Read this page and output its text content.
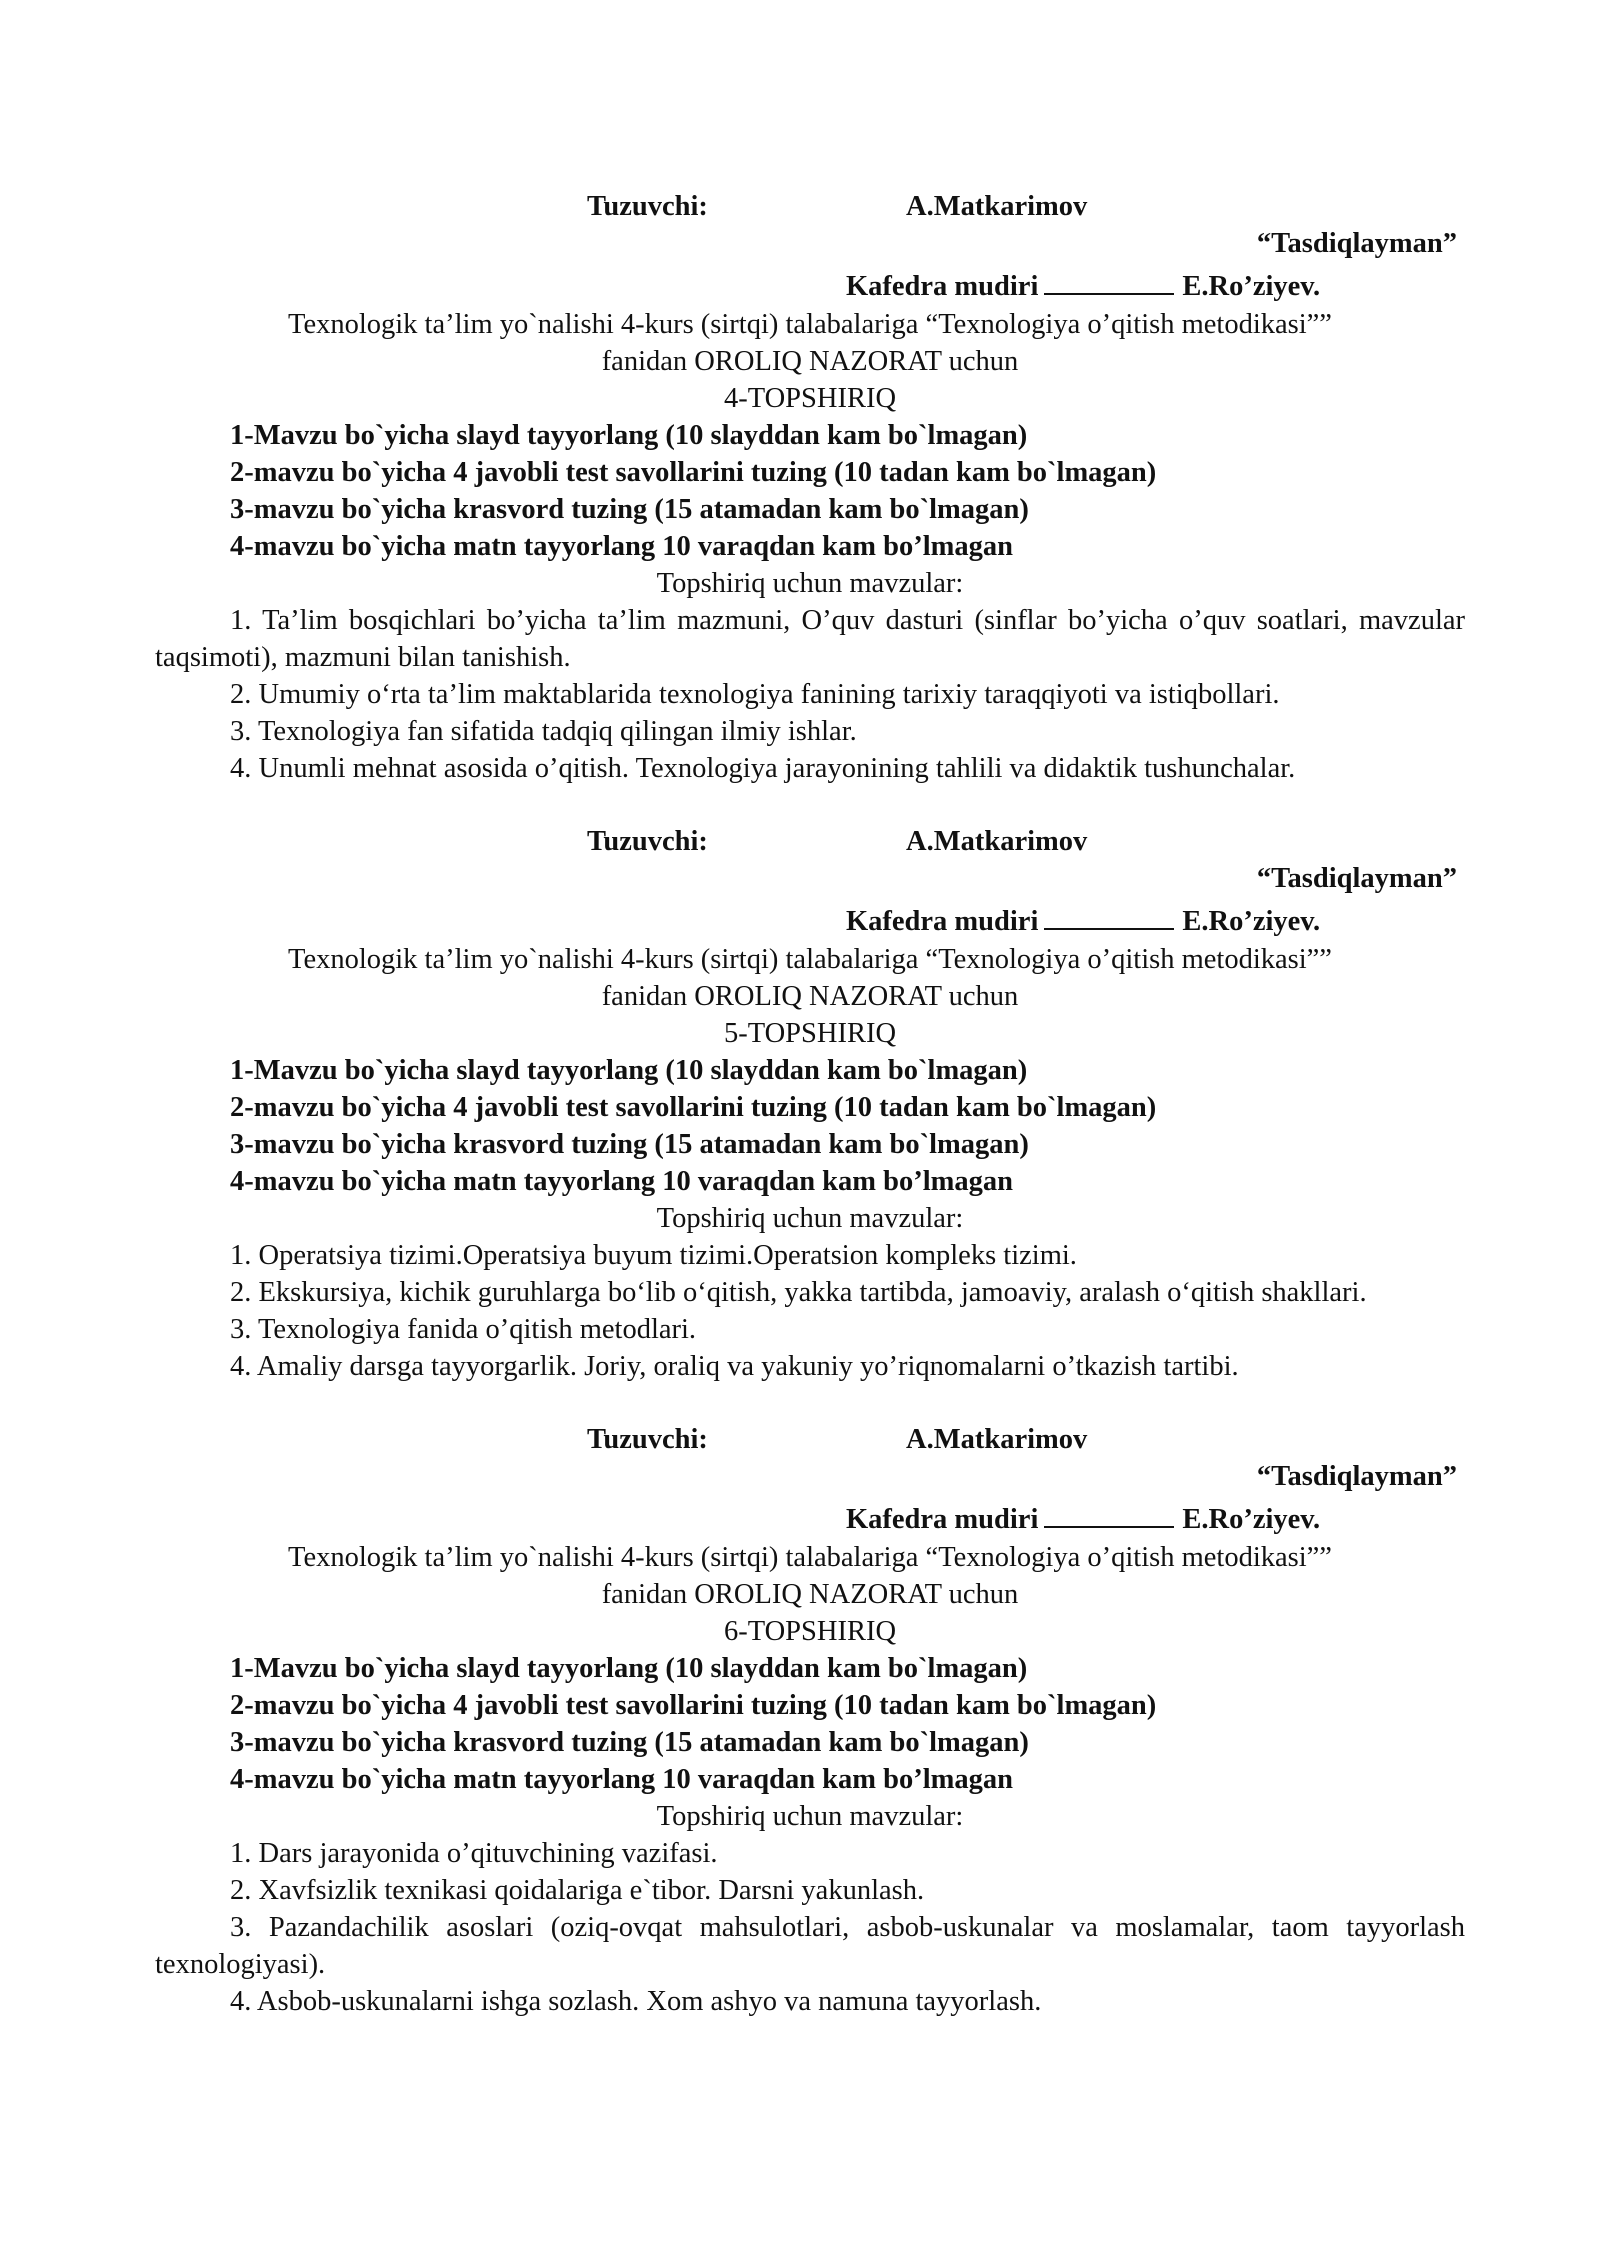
Tuzuvchi:	A.Matkarimov
“Tasdiqlayman”
Kafedra mudiri	E.Ro’ziyev.
Texnologik ta’lim yo`nalishi 4-kurs (sirtqi) talabalariga “Texnologiya o’qitish metodikasi””
fanidan OROLIQ NAZORAT uchun
4-TOPSHIRIQ
1-Mavzu bo`yicha slayd tayyorlang (10 slayddan kam bo`lmagan)
2-mavzu bo`yicha 4 javobli test savollarini tuzing (10 tadan kam bo`lmagan)
3-mavzu bo`yicha krasvord tuzing (15 atamadan kam bo`lmagan)
4-mavzu bo`yicha matn tayyorlang 10 varaqdan kam bo’lmagan
Topshiriq uchun mavzular:
1. Ta’lim bosqichlari bo’yicha ta’lim mazmuni, O’quv dasturi (sinflar bo’yicha o’quv soatlari, mavzular taqsimoti), mazmuni bilan tanishish.
2. Umumiy o‘rta ta’lim maktablarida texnologiya fanining tarixiy taraqqiyoti va istiqbollari.
3. Texnologiya fan sifatida tadqiq qilingan ilmiy ishlar.
4. Unumli mehnat asosida o’qitish. Texnologiya jarayonining tahlili va didaktik tushunchalar.
Tuzuvchi:	A.Matkarimov
“Tasdiqlayman”
Kafedra mudiri	E.Ro’ziyev.
Texnologik ta’lim yo`nalishi 4-kurs (sirtqi) talabalariga “Texnologiya o’qitish metodikasi””
fanidan OROLIQ NAZORAT uchun
5-TOPSHIRIQ
1-Mavzu bo`yicha slayd tayyorlang (10 slayddan kam bo`lmagan)
2-mavzu bo`yicha 4 javobli test savollarini tuzing (10 tadan kam bo`lmagan)
3-mavzu bo`yicha krasvord tuzing (15 atamadan kam bo`lmagan)
4-mavzu bo`yicha matn tayyorlang 10 varaqdan kam bo’lmagan
Topshiriq uchun mavzular:
1. Operatsiya tizimi.Operatsiya buyum tizimi.Operatsion kompleks tizimi.
2. Ekskursiya, kichik guruhlarga bo‘lib o‘qitish, yakka tartibda, jamoaviy, aralash o‘qitish shakllari.
3. Texnologiya fanida o’qitish metodlari.
4. Amaliy darsga tayyorgarlik. Joriy, oraliq va yakuniy yo’riqnomalarni o’tkazish tartibi.
Tuzuvchi:	A.Matkarimov
“Tasdiqlayman”
Kafedra mudiri	E.Ro’ziyev.
Texnologik ta’lim yo`nalishi 4-kurs (sirtqi) talabalariga “Texnologiya o’qitish metodikasi””
fanidan OROLIQ NAZORAT uchun
6-TOPSHIRIQ
1-Mavzu bo`yicha slayd tayyorlang (10 slayddan kam bo`lmagan)
2-mavzu bo`yicha 4 javobli test savollarini tuzing (10 tadan kam bo`lmagan)
3-mavzu bo`yicha krasvord tuzing (15 atamadan kam bo`lmagan)
4-mavzu bo`yicha matn tayyorlang 10 varaqdan kam bo’lmagan
Topshiriq uchun mavzular:
1. Dars jarayonida o’qituvchining vazifasi.
2. Xavfsizlik texnikasi qoidalariga e`tibor. Darsni yakunlash.
3. Pazandachilik asoslari (oziq-ovqat mahsulotlari, asbob-uskunalar va moslamalar, taom tayyorlash texnologiyasi).
4. Asbob-uskunalarni ishga sozlash. Xom ashyo va namuna tayyorlash.
